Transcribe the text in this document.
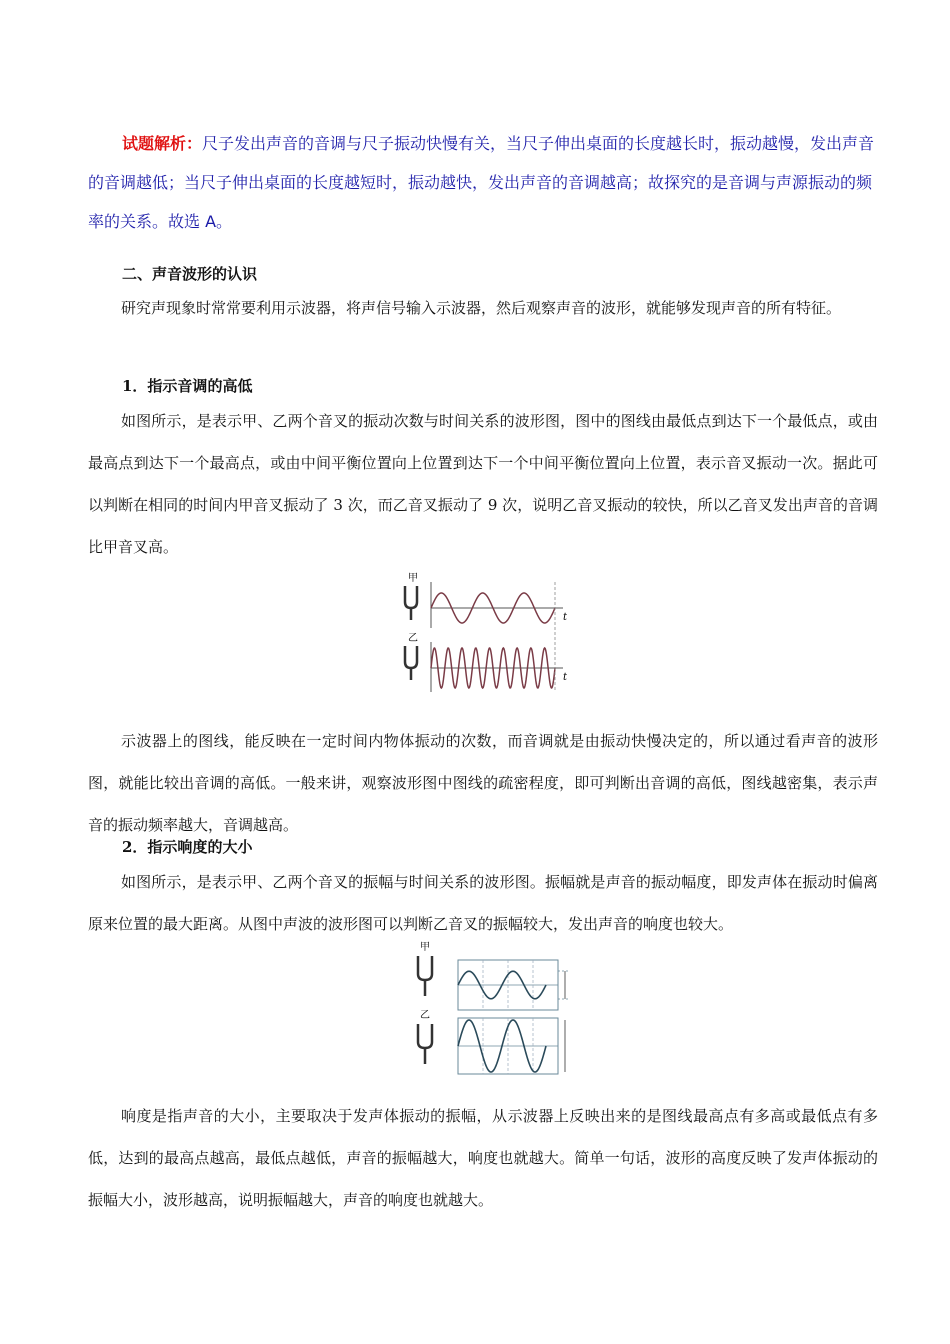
试题解析：尺子发出声音的音调与尺子振动快慢有关，当尺子伸出桌面的长度越长时，振动越慢，发出声音的音调越低；当尺子伸出桌面的长度越短时，振动越快，发出声音的音调越高；故探究的是音调与声源振动的频率的关系。故选 A。

二、声音波形的认识

研究声现象时常常要利用示波器，将声信号输入示波器，然后观察声音的波形，就能够发现声音的所有特征。

1．指示音调的高低

如图所示，是表示甲、乙两个音叉的振动次数与时间关系的波形图，图中的图线由最低点到达下一个最低点，或由最高点到达下一个最高点，或由中间平衡位置向上位置到达下一个中间平衡位置向上位置，表示音叉振动一次。据此可以判断在相同的时间内甲音叉振动了 3 次，而乙音叉振动了 9 次，说明乙音叉振动的较快，所以乙音叉发出声音的音调比甲音叉高。

甲
t
乙
t

示波器上的图线，能反映在一定时间内物体振动的次数，而音调就是由振动快慢决定的，所以通过看声音的波形图，就能比较出音调的高低。一般来讲，观察波形图中图线的疏密程度，即可判断出音调的高低，图线越密集，表示声音的振动频率越大，音调越高。

2．指示响度的大小

如图所示，是表示甲、乙两个音叉的振幅与时间关系的波形图。振幅就是声音的振动幅度，即发声体在振动时偏离原来位置的最大距离。从图中声波的波形图可以判断乙音叉的振幅较大，发出声音的响度也较大。

甲
乙

响度是指声音的大小，主要取决于发声体振动的振幅，从示波器上反映出来的是图线最高点有多高或最低点有多低，达到的最高点越高，最低点越低，声音的振幅越大，响度也就越大。简单一句话，波形的高度反映了发声体振动的振幅大小，波形越高，说明振幅越大，声音的响度也就越大。
